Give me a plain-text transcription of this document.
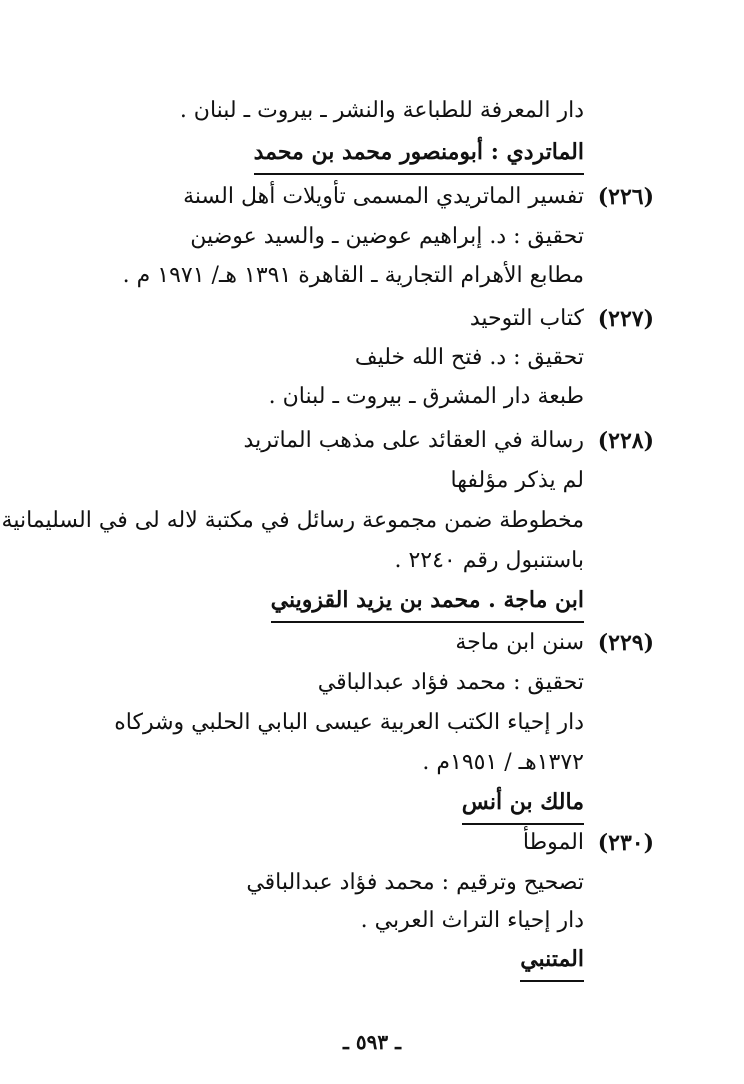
دار المعرفة للطباعة والنشر ـ بيروت ـ لبنان .
الماتردي : أبومنصور محمد بن محمد
(٢٢٦)
تفسير الماتريدي المسمى تأويلات أهل السنة
تحقيق : د. إبراهيم عوضين ـ والسيد عوضين
مطابع الأهرام التجارية ـ القاهرة ١٣٩١ هـ/ ١٩٧١ م .
(٢٢٧)
كتاب التوحيد
تحقيق : د. فتح الله خليف
طبعة دار المشرق ـ بيروت ـ لبنان .
(٢٢٨)
رسالة في العقائد على مذهب الماتريد
لم يذكر مؤلفها
مخطوطة ضمن مجموعة رسائل في مكتبة لاله لى في السليمانية
باستنبول رقم ٢٢٤٠ .
ابن ماجة . محمد بن يزيد القزويني
(٢٢٩)
سنن ابن ماجة
تحقيق : محمد فؤاد عبدالباقي
دار إحياء الكتب العربية عيسى البابي الحلبي وشركاه
١٣٧٢هـ / ١٩٥١م .
مالك بن أنس
(٢٣٠)
الموطأ
تصحيح وترقيم : محمد فؤاد عبدالباقي
دار إحياء التراث العربي .
المتنبي
ـ ٥٩٣ ـ
